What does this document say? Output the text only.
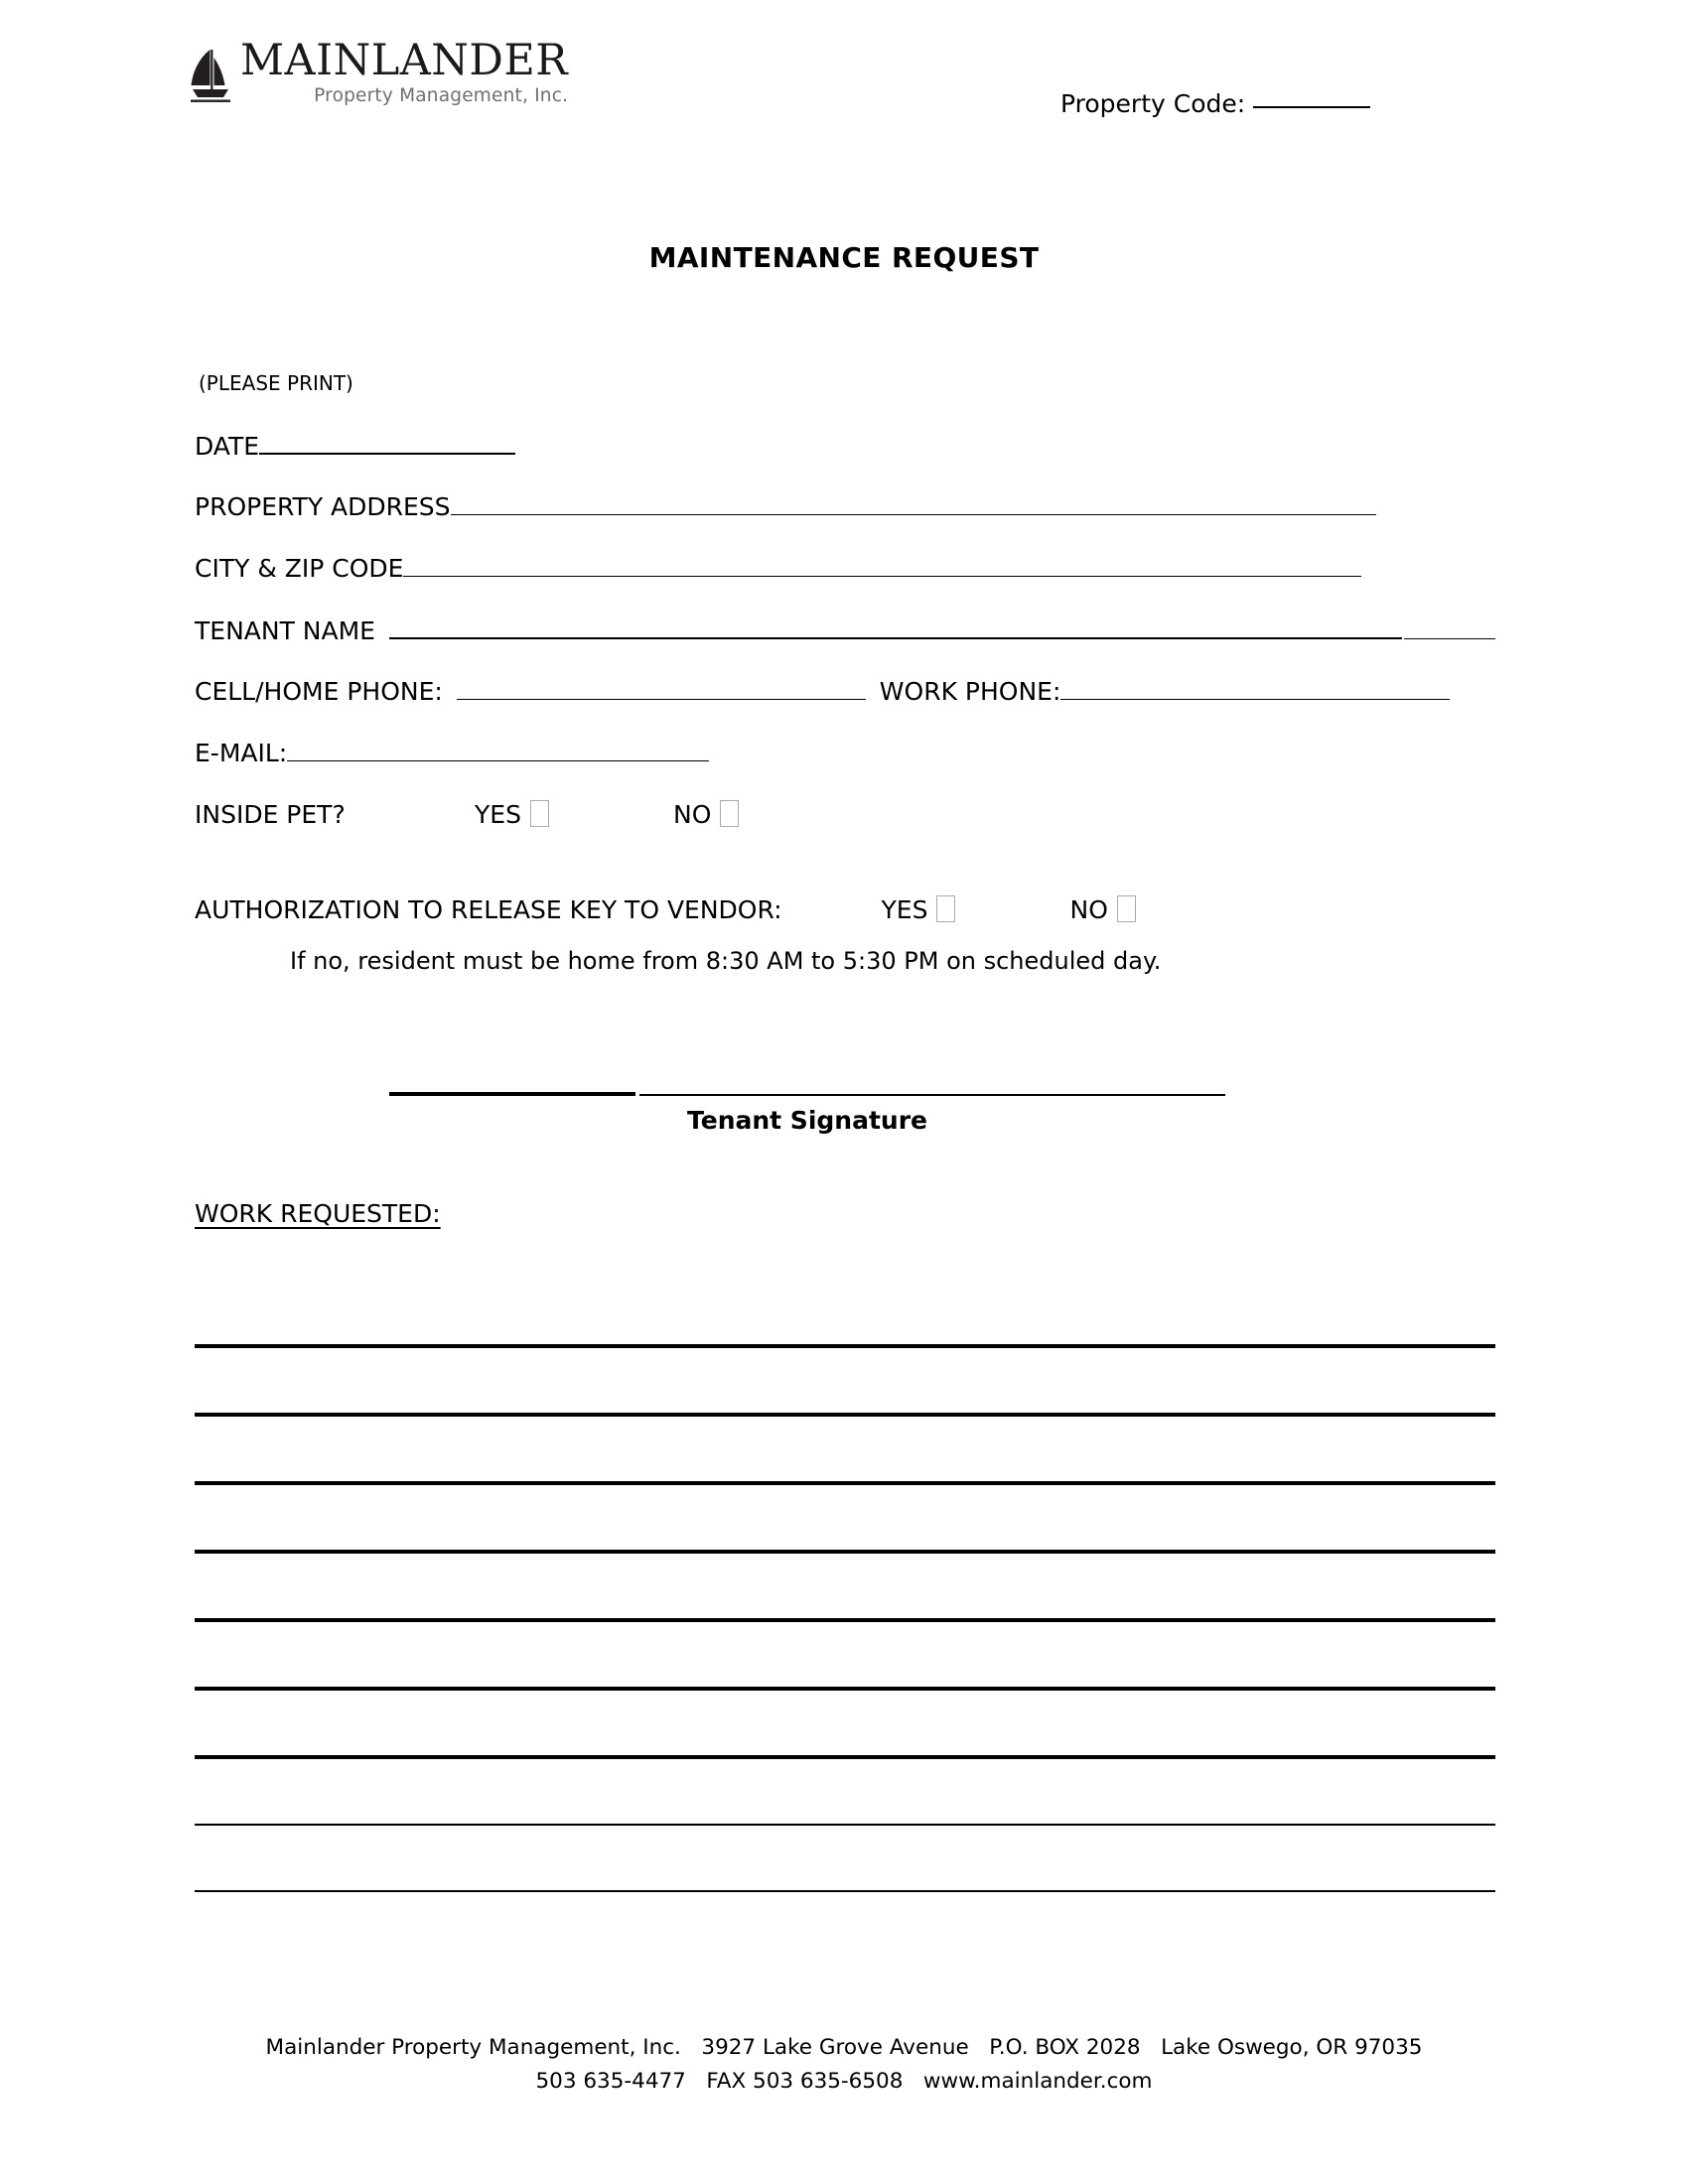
MAINLANDER
Property Management, Inc.	Property Code:
MAINTENANCE REQUEST
(PLEASE PRINT)
DATE
PROPERTY ADDRESS
CITY & ZIP CODE
TENANT NAME
CELL/HOME PHONE:	WORK PHONE:
E-MAIL:
INSIDE PET?	YES	NO
AUTHORIZATION TO RELEASE KEY TO VENDOR:	YES	NO
If no, resident must be home from 8:30 AM to 5:30 PM on scheduled day.
Tenant Signature
WORK REQUESTED:
Mainlander Property Management, Inc.   3927 Lake Grove Avenue   P.O. BOX 2028   Lake Oswego, OR 97035
503 635-4477   FAX 503 635-6508   www.mainlander.com
